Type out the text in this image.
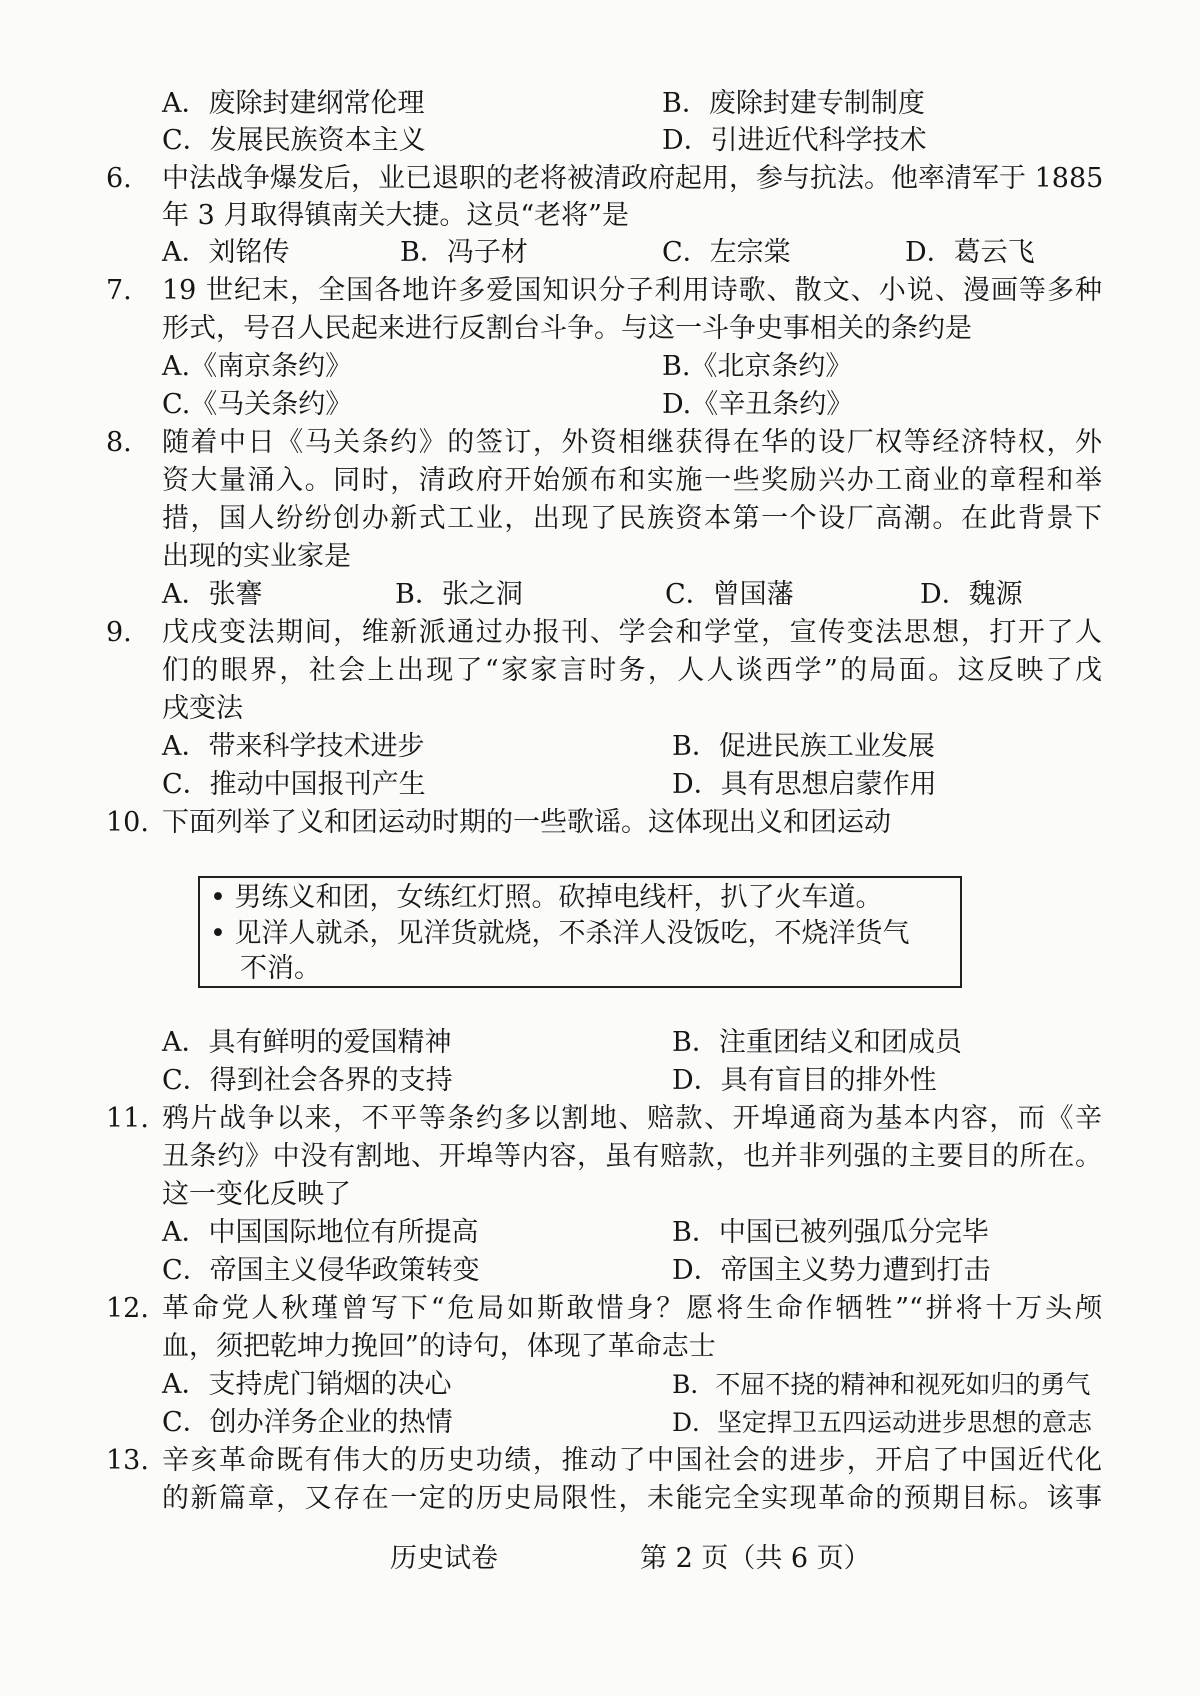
A．废除封建纲常伦理	B．废除封建专制制度
C．发展民族资本主义	D．引进近代科学技术
6. 中法战争爆发后，业已退职的老将被清政府起用，参与抗法。他率清军于 1885
年 3 月取得镇南关大捷。这员“老将”是
A．刘铭传	B．冯子材	C．左宗棠	D．葛云飞
7. 19 世纪末，全国各地许多爱国知识分子利用诗歌、散文、小说、漫画等多种
形式，号召人民起来进行反割台斗争。与这一斗争史事相关的条约是
A.《南京条约》	B.《北京条约》
C.《马关条约》	D.《辛丑条约》
8. 随着中日《马关条约》的签订，外资相继获得在华的设厂权等经济特权，外
资大量涌入。同时，清政府开始颁布和实施一些奖励兴办工商业的章程和举
措，国人纷纷创办新式工业，出现了民族资本第一个设厂高潮。在此背景下
出现的实业家是
A．张謇	B．张之洞	C．曾国藩	D．魏源
9. 戊戌变法期间，维新派通过办报刊、学会和学堂，宣传变法思想，打开了人
们的眼界，社会上出现了“家家言时务，人人谈西学”的局面。这反映了戊
戌变法
A．带来科学技术进步	B．促进民族工业发展
C．推动中国报刊产生	D．具有思想启蒙作用
10. 下面列举了义和团运动时期的一些歌谣。这体现出义和团运动
• 男练义和团，女练红灯照。砍掉电线杆，扒了火车道。
• 见洋人就杀，见洋货就烧，不杀洋人没饭吃，不烧洋货气
不消。
A．具有鲜明的爱国精神	B．注重团结义和团成员
C．得到社会各界的支持	D．具有盲目的排外性
11. 鸦片战争以来，不平等条约多以割地、赔款、开埠通商为基本内容，而《辛
丑条约》中没有割地、开埠等内容，虽有赔款，也并非列强的主要目的所在。
这一变化反映了
A．中国国际地位有所提高	B．中国已被列强瓜分完毕
C．帝国主义侵华政策转变	D．帝国主义势力遭到打击
12. 革命党人秋瑾曾写下“危局如斯敢惜身？愿将生命作牺牲”“拼将十万头颅
血，须把乾坤力挽回”的诗句，体现了革命志士
A．支持虎门销烟的决心	B．不屈不挠的精神和视死如归的勇气
C．创办洋务企业的热情	D．坚定捍卫五四运动进步思想的意志
13. 辛亥革命既有伟大的历史功绩，推动了中国社会的进步，开启了中国近代化
的新篇章，又存在一定的历史局限性，未能完全实现革命的预期目标。该事
历史试卷	第 2 页（共 6 页）
